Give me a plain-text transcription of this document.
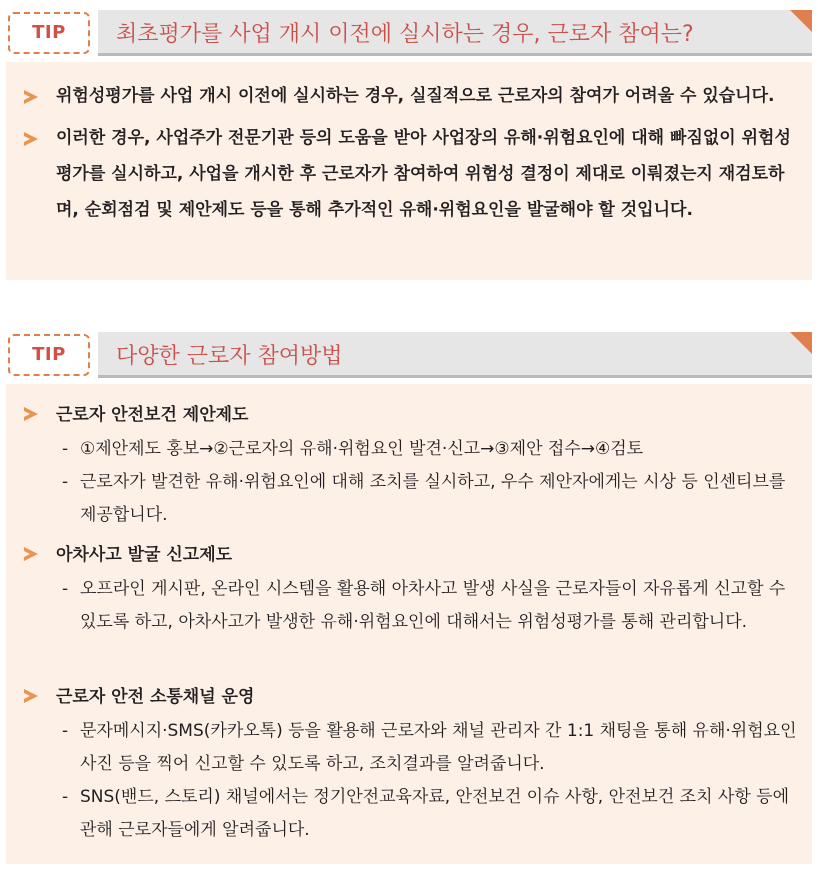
TIP	최초평가를 사업 개시 이전에 실시하는 경우, 근로자 참여는?
위험성평가를 사업 개시 이전에 실시하는 경우, 실질적으로 근로자의 참여가 어려울 수 있습니다.
이러한 경우, 사업주가 전문기관 등의 도움을 받아 사업장의 유해·위험요인에 대해 빠짐없이 위험성평가를 실시하고, 사업을 개시한 후 근로자가 참여하여 위험성 결정이 제대로 이뤄졌는지 재검토하며, 순회점검 및 제안제도 등을 통해 추가적인 유해·위험요인을 발굴해야 할 것입니다.
TIP	다양한 근로자 참여방법
근로자 안전보건 제안제도
- ①제안제도 홍보→②근로자의 유해·위험요인 발견·신고→③제안 접수→④검토
- 근로자가 발견한 유해·위험요인에 대해 조치를 실시하고, 우수 제안자에게는 시상 등 인센티브를 제공합니다.
아차사고 발굴 신고제도
- 오프라인 게시판, 온라인 시스템을 활용해 아차사고 발생 사실을 근로자들이 자유롭게 신고할 수 있도록 하고, 아차사고가 발생한 유해·위험요인에 대해서는 위험성평가를 통해 관리합니다.
근로자 안전 소통채널 운영
- 문자메시지·SMS(카카오톡) 등을 활용해 근로자와 채널 관리자 간 1:1 채팅을 통해 유해·위험요인 사진 등을 찍어 신고할 수 있도록 하고, 조치결과를 알려줍니다.
- SNS(밴드, 스토리) 채널에서는 정기안전교육자료, 안전보건 이슈 사항, 안전보건 조치 사항 등에 관해 근로자들에게 알려줍니다.
